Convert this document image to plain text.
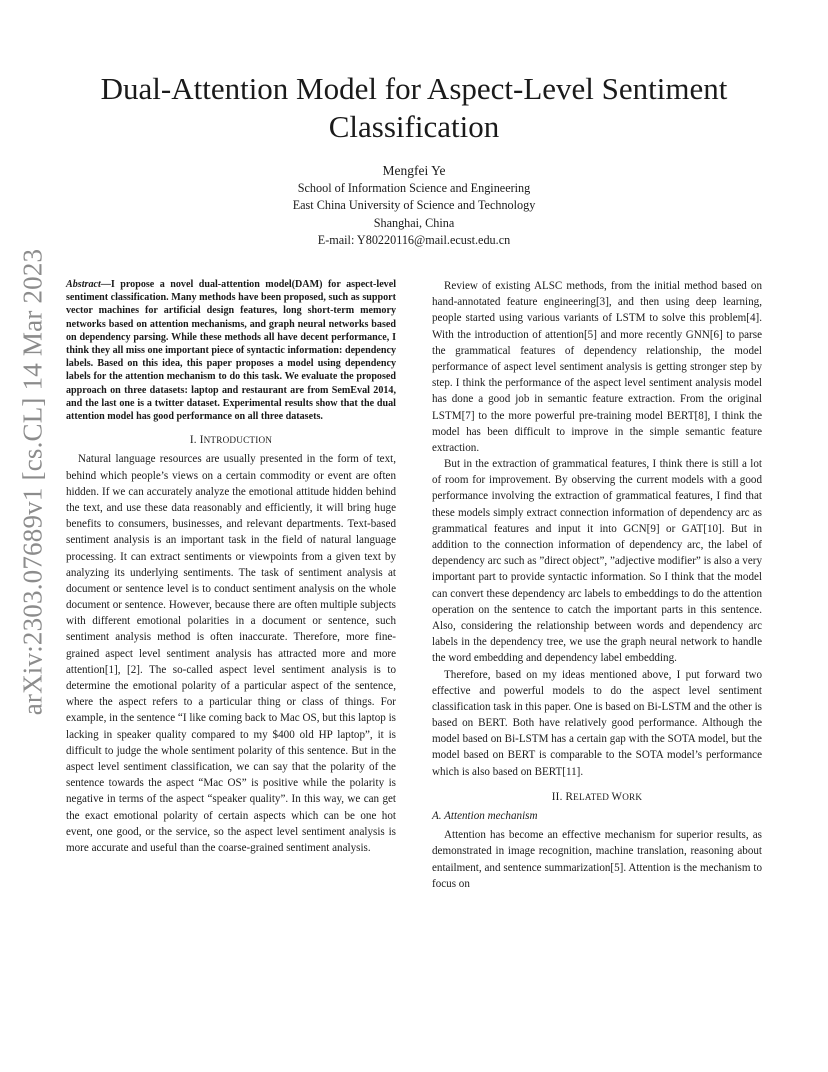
arXiv:2303.07689v1 [cs.CL] 14 Mar 2023
Dual-Attention Model for Aspect-Level Sentiment Classification
Mengfei Ye
School of Information Science and Engineering
East China University of Science and Technology
Shanghai, China
E-mail: Y80220116@mail.ecust.edu.cn

Abstract—I propose a novel dual-attention model(DAM) for aspect-level sentiment classification. Many methods have been proposed, such as support vector machines for artificial design features, long short-term memory networks based on attention mechanisms, and graph neural networks based on dependency parsing. While these methods all have decent performance, I think they all miss one important piece of syntactic information: dependency labels. Based on this idea, this paper proposes a model using dependency labels for the attention mechanism to do this task. We evaluate the proposed approach on three datasets: laptop and restaurant are from SemEval 2014, and the last one is a twitter dataset. Experimental results show that the dual attention model has good performance on all three datasets.

I. INTRODUCTION

Natural language resources are usually presented in the form of text, behind which people’s views on a certain commodity or event are often hidden. If we can accurately analyze the emotional attitude hidden behind the text, and use these data reasonably and efficiently, it will bring huge benefits to consumers, businesses, and relevant departments. Text-based sentiment analysis is an important task in the field of natural language processing. It can extract sentiments or viewpoints from a given text by analyzing its underlying sentiments. The task of sentiment analysis at document or sentence level is to conduct sentiment analysis on the whole document or sentence. However, because there are often multiple subjects with different emotional polarities in a document or sentence, such sentiment analysis method is often inaccurate. Therefore, more fine-grained aspect level sentiment analysis has attracted more and more attention[1], [2]. The so-called aspect level sentiment analysis is to determine the emotional polarity of a particular aspect of the sentence, where the aspect refers to a particular thing or class of things. For example, in the sentence “I like coming back to Mac OS, but this laptop is lacking in speaker quality compared to my $400 old HP laptop”, it is difficult to judge the whole sentiment polarity of this sentence. But in the aspect level sentiment classification, we can say that the polarity of the sentence towards the aspect “Mac OS” is positive while the polarity is negative in terms of the aspect “speaker quality”. In this way, we can get the exact emotional polarity of certain aspects which can be one hot event, one good, or the service, so the aspect level sentiment analysis is more accurate and useful than the coarse-grained sentiment analysis.

Review of existing ALSC methods, from the initial method based on hand-annotated feature engineering[3], and then using deep learning, people started using various variants of LSTM to solve this problem[4]. With the introduction of attention[5] and more recently GNN[6] to parse the grammatical features of dependency relationship, the model performance of aspect level sentiment analysis is getting stronger step by step. I think the performance of the aspect level sentiment analysis model has done a good job in semantic feature extraction. From the original LSTM[7] to the more powerful pre-training model BERT[8], I think the model has been difficult to improve in the simple semantic feature extraction.

But in the extraction of grammatical features, I think there is still a lot of room for improvement. By observing the current models with a good performance involving the extraction of grammatical features, I find that these models simply extract connection information of dependency arc as grammatical features and input it into GCN[9] or GAT[10]. But in addition to the connection information of dependency arc, the label of dependency arc such as ”direct object”, ”adjective modifier” is also a very important part to provide syntactic information. So I think that the model can convert these dependency arc labels to embeddings to do the attention operation on the sentence to catch the important parts in this sentence. Also, considering the relationship between words and dependency arc labels in the dependency tree, we use the graph neural network to handle the word embedding and dependency label embedding.

Therefore, based on my ideas mentioned above, I put forward two effective and powerful models to do the aspect level sentiment classification task in this paper. One is based on Bi-LSTM and the other is based on BERT. Both have relatively good performance. Although the model based on Bi-LSTM has a certain gap with the SOTA model, but the model based on BERT is comparable to the SOTA model’s performance which is also based on BERT[11].

II. RELATED WORK
A. Attention mechanism

Attention has become an effective mechanism for superior results, as demonstrated in image recognition, machine translation, reasoning about entailment, and sentence summarization[5]. Attention is the mechanism to focus on
